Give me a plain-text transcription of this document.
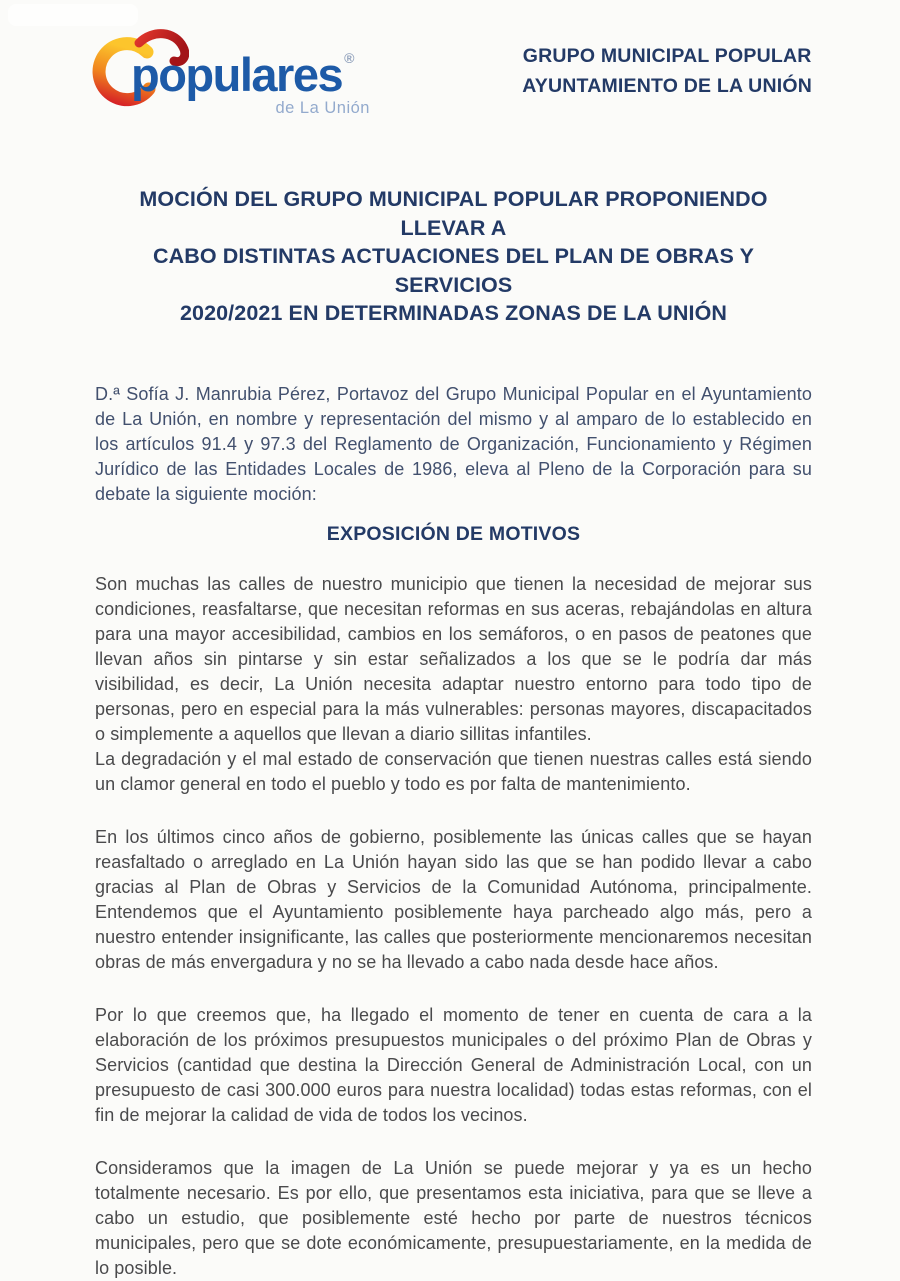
populares ®
de La Unión
GRUPO MUNICIPAL POPULAR
AYUNTAMIENTO DE LA UNIÓN
MOCIÓN DEL GRUPO MUNICIPAL POPULAR PROPONIENDO LLEVAR A
CABO DISTINTAS ACTUACIONES DEL PLAN DE OBRAS Y SERVICIOS
2020/2021 EN DETERMINADAS ZONAS DE LA UNIÓN

D.ª Sofía J. Manrubia Pérez, Portavoz del Grupo Municipal Popular en el Ayuntamiento de La Unión, en nombre y representación del mismo y al amparo de lo establecido en los artículos 91.4 y 97.3 del Reglamento de Organización, Funcionamiento y Régimen Jurídico de las Entidades Locales de 1986, eleva al Pleno de la Corporación para su debate la siguiente moción:

EXPOSICIÓN DE MOTIVOS

Son muchas las calles de nuestro municipio que tienen la necesidad de mejorar sus condiciones, reasfaltarse, que necesitan reformas en sus aceras, rebajándolas en altura para una mayor accesibilidad, cambios en los semáforos, o en pasos de peatones que llevan años sin pintarse y sin estar señalizados a los que se le podría dar más visibilidad, es decir, La Unión necesita adaptar nuestro entorno para todo tipo de personas, pero en especial para la más vulnerables: personas mayores, discapacitados o simplemente a aquellos que llevan a diario sillitas infantiles.

La degradación y el mal estado de conservación que tienen nuestras calles está siendo un clamor general en todo el pueblo y todo es por falta de mantenimiento.

En los últimos cinco años de gobierno, posiblemente las únicas calles que se hayan reasfaltado o arreglado en La Unión hayan sido las que se han podido llevar a cabo gracias al Plan de Obras y Servicios de la Comunidad Autónoma, principalmente. Entendemos que el Ayuntamiento posiblemente haya parcheado algo más, pero a nuestro entender insignificante, las calles que posteriormente mencionaremos necesitan obras de más envergadura y no se ha llevado a cabo nada desde hace años.

Por lo que creemos que, ha llegado el momento de tener en cuenta de cara a la elaboración de los próximos presupuestos municipales o del próximo Plan de Obras y Servicios (cantidad que destina la Dirección General de Administración Local, con un presupuesto de casi 300.000 euros para nuestra localidad) todas estas reformas, con el fin de mejorar la calidad de vida de todos los vecinos.

Consideramos que la imagen de La Unión se puede mejorar y ya es un hecho totalmente necesario. Es por ello, que presentamos esta iniciativa, para que se lleve a cabo un estudio, que posiblemente esté hecho por parte de nuestros técnicos municipales, pero que se dote económicamente, presupuestariamente, en la medida de lo posible.
